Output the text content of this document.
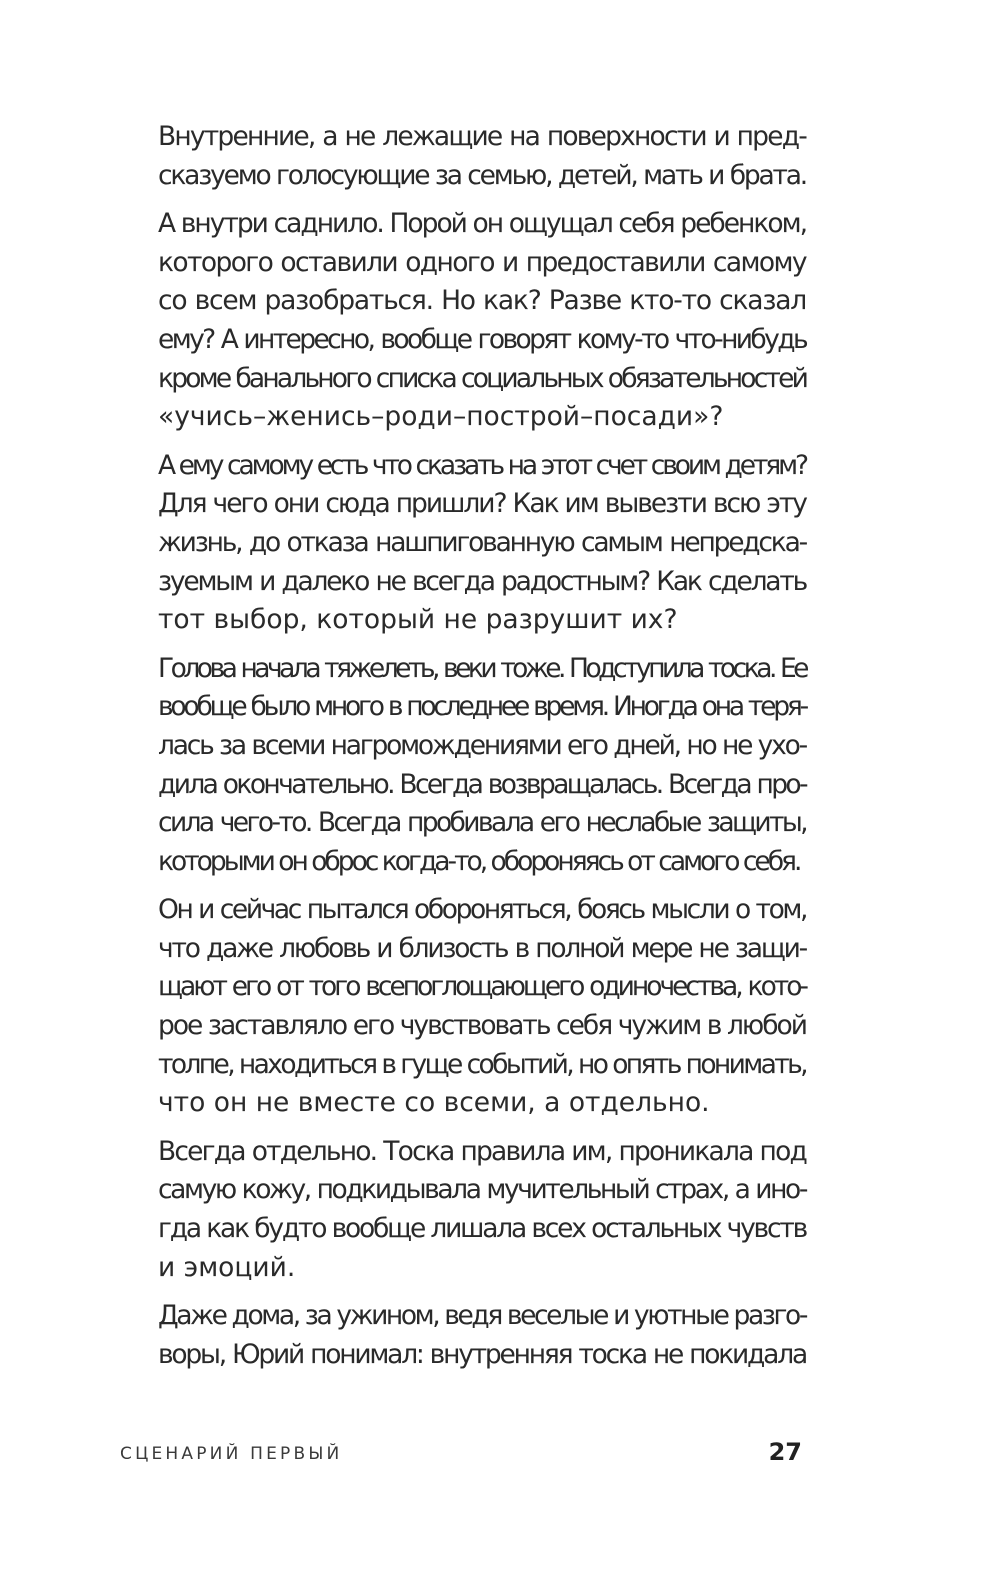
Внутренние, а не лежащие на поверхности и пред-
сказуемо голосующие за семью, детей, мать и брата.
А внутри саднило. Порой он ощущал себя ребенком,
которого оставили одного и предоставили самому
со всем разобраться. Но как? Разве кто-то сказал
ему? А интересно, вообще говорят кому-то что-нибудь
кроме банального списка социальных обязательностей
«учись–женись–роди–построй–посади»?
А ему самому есть что сказать на этот счет своим детям?
Для чего они сюда пришли? Как им вывезти всю эту
жизнь, до отказа нашпигованную самым непредска-
зуемым и далеко не всегда радостным? Как сделать
тот выбор, который не разрушит их?
Голова начала тяжелеть, веки тоже. Подступила тоска. Ее
вообще было много в последнее время. Иногда она теря-
лась за всеми нагромождениями его дней, но не ухо-
дила окончательно. Всегда возвращалась. Всегда про-
сила чего-то. Всегда пробивала его неслабые защиты,
которыми он оброс когда-то, обороняясь от самого себя.
Он и сейчас пытался обороняться, боясь мысли о том,
что даже любовь и близость в полной мере не защи-
щают его от того всепоглощающего одиночества, кото-
рое заставляло его чувствовать себя чужим в любой
толпе, находиться в гуще событий, но опять понимать,
что он не вместе со всеми, а отдельно.
Всегда отдельно. Тоска правила им, проникала под
самую кожу, подкидывала мучительный страх, а ино-
гда как будто вообще лишала всех остальных чувств
и эмоций.
Даже дома, за ужином, ведя веселые и уютные разго-
воры, Юрий понимал: внутренняя тоска не покидала
СЦЕНАРИЙ ПЕРВЫЙ	27
